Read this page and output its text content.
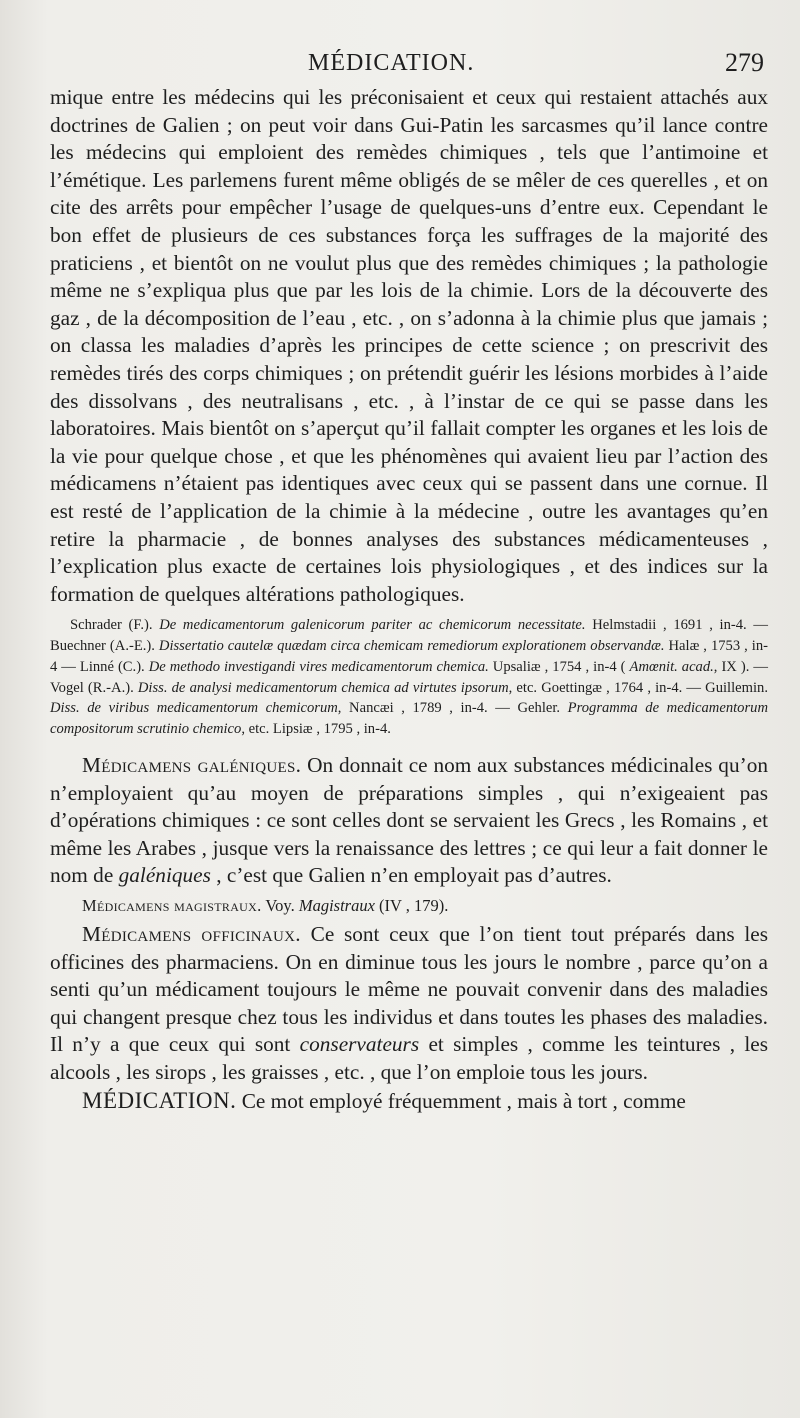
MÉDICATION.	279

mique entre les médecins qui les préconisaient et ceux qui restaient attachés aux doctrines de Galien ; on peut voir dans Gui-Patin les sarcasmes qu’il lance contre les médecins qui emploient des remèdes chimiques , tels que l’antimoine et l’émétique. Les parlemens furent même obligés de se mêler de ces querelles , et on cite des arrêts pour empêcher l’usage de quelques-uns d’entre eux. Cependant le bon effet de plusieurs de ces substances força les suffrages de la majorité des praticiens , et bientôt on ne voulut plus que des remèdes chimiques ; la pathologie même ne s’expliqua plus que par les lois de la chimie. Lors de la découverte des gaz , de la décomposition de l’eau , etc. , on s’adonna à la chimie plus que jamais ; on classa les maladies d’après les principes de cette science ; on prescrivit des remèdes tirés des corps chimiques ; on prétendit guérir les lésions morbides à l’aide des dissolvans , des neutralisans , etc. , à l’instar de ce qui se passe dans les laboratoires. Mais bientôt on s’aperçut qu’il fallait compter les organes et les lois de la vie pour quelque chose , et que les phénomènes qui avaient lieu par l’action des médicamens n’étaient pas identiques avec ceux qui se passent dans une cornue. Il est resté de l’application de la chimie à la médecine , outre les avantages qu’en retire la pharmacie , de bonnes analyses des substances médicamenteuses , l’explication plus exacte de certaines lois physiologiques , et des indices sur la formation de quelques altérations pathologiques.

Schrader (F.). De medicamentorum galenicorum pariter ac chemicorum necessitate. Helmstadii , 1691 , in-4. — Buechner (A.-E.). Dissertatio cautelæ quædam circa chemicam remediorum explorationem observandæ. Halæ , 1753 , in-4 — Linné (C.). De methodo investigandi vires medicamentorum chemica. Upsaliæ , 1754 , in-4 ( Amœnit. acad., IX ). — Vogel (R.-A.). Diss. de analysi medicamentorum chemica ad virtutes ipsorum, etc. Goettingæ , 1764 , in-4. — Guillemin. Diss. de viribus medicamentorum chemicorum, Nancæi , 1789 , in-4. — Gehler. Programma de medicamentorum compositorum scrutinio chemico, etc. Lipsiæ , 1795 , in-4.

Médicamens galéniques. On donnait ce nom aux substances médicinales qu’on n’employaient qu’au moyen de préparations simples , qui n’exigeaient pas d’opérations chimiques : ce sont celles dont se servaient les Grecs , les Romains , et même les Arabes , jusque vers la renaissance des lettres ; ce qui leur a fait donner le nom de galéniques , c’est que Galien n’en employait pas d’autres.

Médicamens magistraux. Voy. Magistraux (IV , 179).

Médicamens officinaux. Ce sont ceux que l’on tient tout préparés dans les officines des pharmaciens. On en diminue tous les jours le nombre , parce qu’on a senti qu’un médicament toujours le même ne pouvait convenir dans des maladies qui changent presque chez tous les individus et dans toutes les phases des maladies. Il n’y a que ceux qui sont conservateurs et simples , comme les teintures , les alcools , les sirops , les graisses , etc. , que l’on emploie tous les jours.

MÉDICATION. Ce mot employé fréquemment , mais à tort , comme
